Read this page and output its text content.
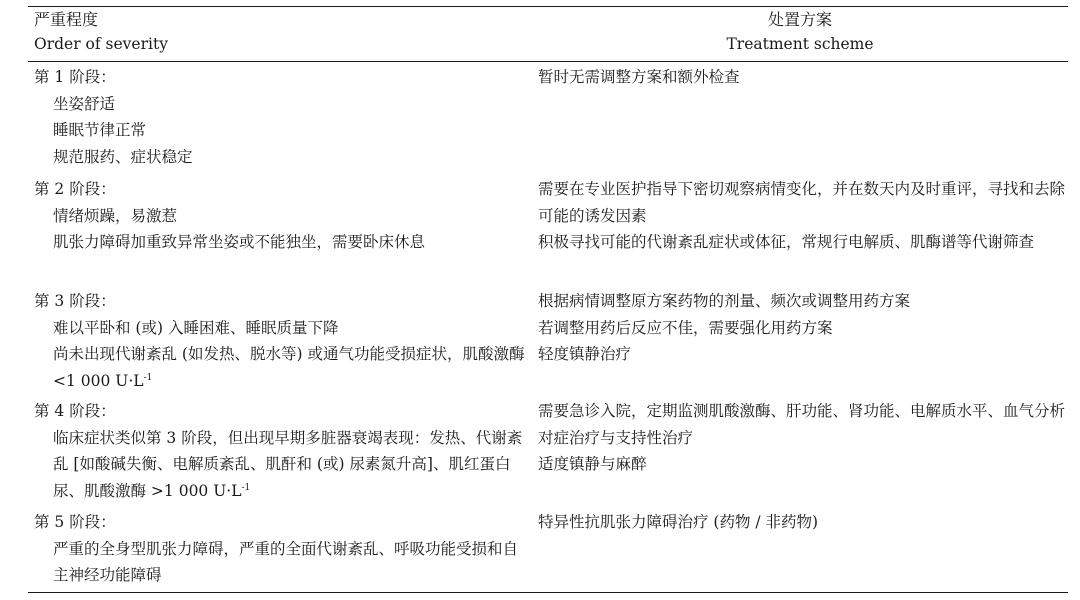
严重程度
Order of severity
处置方案
Treatment scheme
第 1 阶段：
坐姿舒适
睡眠节律正常
规范服药、症状稳定
暂时无需调整方案和额外检查
第 2 阶段：
情绪烦躁，易激惹
肌张力障碍加重致异常坐姿或不能独坐，需要卧床休息
需要在专业医护指导下密切观察病情变化，并在数天内及时重评，寻找和去除可能的诱发因素
积极寻找可能的代谢紊乱症状或体征，常规行电解质、肌酶谱等代谢筛查
第 3 阶段：
难以平卧和 (或) 入睡困难、睡眠质量下降
尚未出现代谢紊乱 (如发热、脱水等) 或通气功能受损症状，肌酸激酶 <1 000 $U\cdot L^{-1}$
根据病情调整原方案药物的剂量、频次或调整用药方案
若调整用药后反应不佳，需要强化用药方案
轻度镇静治疗
第 4 阶段：
临床症状类似第 3 阶段，但出现早期多脏器衰竭表现：发热、代谢紊乱 [如酸碱失衡、电解质紊乱、肌酐和 (或) 尿素氮升高]、肌红蛋白尿、肌酸激酶 >1 000 $U\cdot L^{-1}$
需要急诊入院，定期监测肌酸激酶、肝功能、肾功能、电解质水平、血气分析
对症治疗与支持性治疗
适度镇静与麻醉
第 5 阶段：
严重的全身型肌张力障碍，严重的全面代谢紊乱、呼吸功能受损和自主神经功能障碍
特异性抗肌张力障碍治疗 (药物 / 非药物)
